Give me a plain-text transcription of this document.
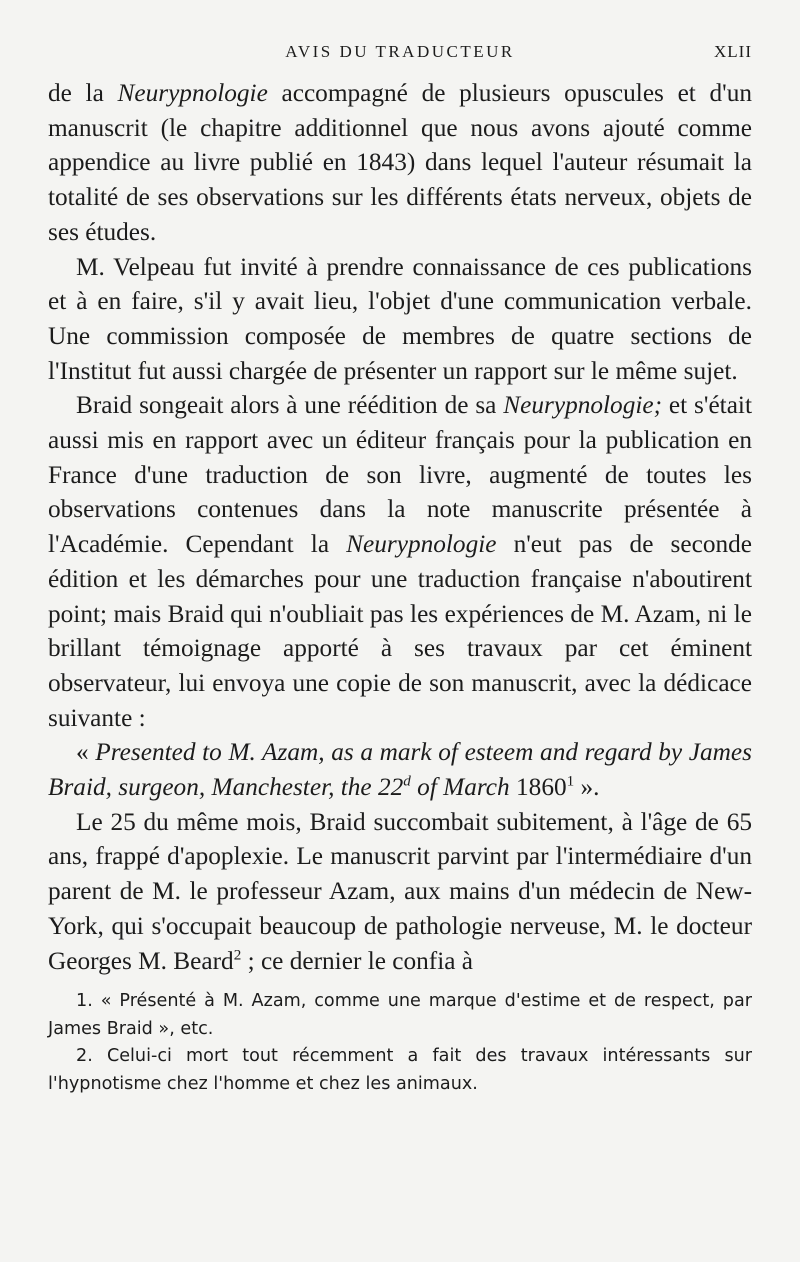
AVIS DU TRADUCTEUR	XLII

de la Neurypnologie accompagné de plusieurs opuscules et d'un manuscrit (le chapitre additionnel que nous avons ajouté comme appendice au livre publié en 1843) dans lequel l'auteur résumait la totalité de ses observations sur les différents états nerveux, objets de ses études.

M. Velpeau fut invité à prendre connaissance de ces publications et à en faire, s'il y avait lieu, l'objet d'une communication verbale. Une commission composée de membres de quatre sections de l'Institut fut aussi chargée de présenter un rapport sur le même sujet.

Braid songeait alors à une réédition de sa Neurypnologie; et s'était aussi mis en rapport avec un éditeur français pour la publication en France d'une traduction de son livre, augmenté de toutes les observations contenues dans la note manuscrite présentée à l'Académie. Cependant la Neurypnologie n'eut pas de seconde édition et les démarches pour une traduction française n'aboutirent point; mais Braid qui n'oubliait pas les expériences de M. Azam, ni le brillant témoignage apporté à ses travaux par cet éminent observateur, lui envoya une copie de son manuscrit, avec la dédicace suivante :

« Presented to M. Azam, as a mark of esteem and regard by James Braid, surgeon, Manchester, the 22$^d$ of March 1860$^1$ ».

Le 25 du même mois, Braid succombait subitement, à l'âge de 65 ans, frappé d'apoplexie. Le manuscrit parvint par l'intermédiaire d'un parent de M. le professeur Azam, aux mains d'un médecin de New-York, qui s'occupait beaucoup de pathologie nerveuse, M. le docteur Georges M. Beard$^2$ ; ce dernier le confia à

1. « Présenté à M. Azam, comme une marque d'estime et de respect, par James Braid », etc.

2. Celui-ci mort tout récemment a fait des travaux intéressants sur l'hypnotisme chez l'homme et chez les animaux.
